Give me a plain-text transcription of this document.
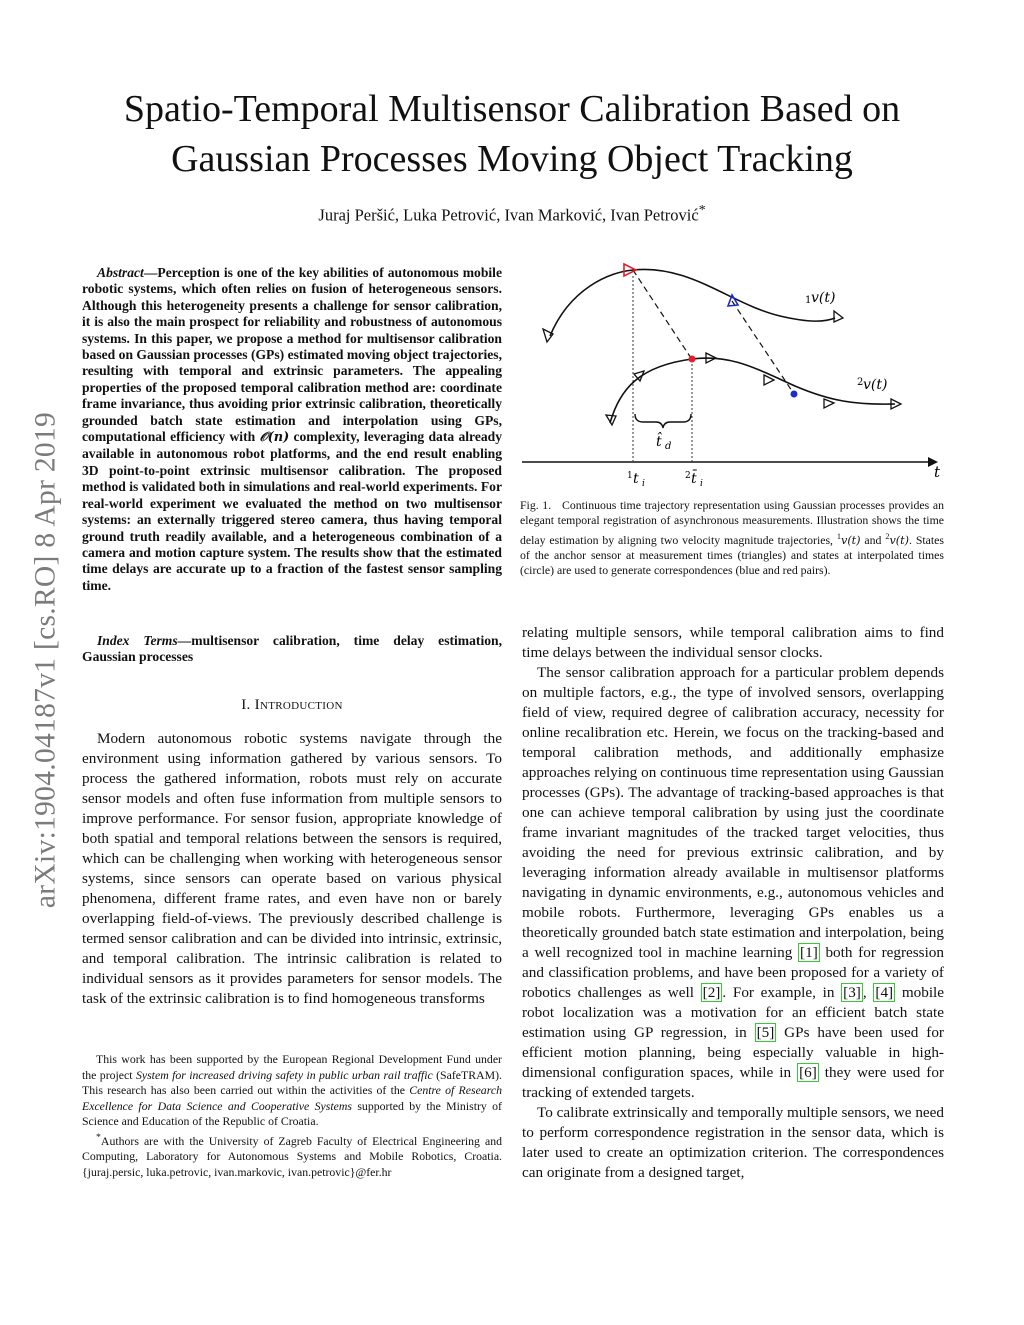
Spatio-Temporal Multisensor Calibration Based on
Gaussian Processes Moving Object Tracking
Juraj Peršić, Luka Petrović, Ivan Marković, Ivan Petrović*
arXiv:1904.04187v1 [cs.RO] 8 Apr 2019

Abstract—Perception is one of the key abilities of autonomous mobile robotic systems, which often relies on fusion of heterogeneous sensors. Although this heterogeneity presents a challenge for sensor calibration, it is also the main prospect for reliability and robustness of autonomous systems. In this paper, we propose a method for multisensor calibration based on Gaussian processes (GPs) estimated moving object trajectories, resulting with temporal and extrinsic parameters. The appealing properties of the proposed temporal calibration method are: coordinate frame invariance, thus avoiding prior extrinsic calibration, theoretically grounded batch state estimation and interpolation using GPs, computational efficiency with 𝒪(n) complexity, leveraging data already available in autonomous robot platforms, and the end result enabling 3D point-to-point extrinsic multisensor calibration. The proposed method is validated both in simulations and real-world experiments. For real-world experiment we evaluated the method on two multisensor systems: an externally triggered stereo camera, thus having temporal ground truth readily available, and a heterogeneous combination of a camera and motion capture system. The results show that the estimated time delays are accurate up to a fraction of the fastest sensor sampling time.

Index Terms—multisensor calibration, time delay estimation, Gaussian processes

I. Introduction

Modern autonomous robotic systems navigate through the environment using information gathered by various sensors. To process the gathered information, robots must rely on accurate sensor models and often fuse information from multiple sensors to improve performance. For sensor fusion, appropriate knowledge of both spatial and temporal relations between the sensors is required, which can be challenging when working with heterogeneous sensor systems, since sensors can operate based on various physical phenomena, different frame rates, and even have non or barely overlapping field-of-views. The previously described challenge is termed sensor calibration and can be divided into intrinsic, extrinsic, and temporal calibration. The intrinsic calibration is related to individual sensors as it provides parameters for sensor models. The task of the extrinsic calibration is to find homogeneous transforms

This work has been supported by the European Regional Development Fund under the project System for increased driving safety in public urban rail traffic (SafeTRAM). This research has also been carried out within the activities of the Centre of Research Excellence for Data Science and Cooperative Systems supported by the Ministry of Science and Education of the Republic of Croatia.

*Authors are with the University of Zagreb Faculty of Electrical Engineering and Computing, Laboratory for Autonomous Systems and Mobile Robotics, Croatia. {juraj.persic, luka.petrovic, ivan.markovic, ivan.petrovic}@fer.hr

1 v(t)
2 v(t)
t
t̂ d
1 t i
2 t̄ i
Fig. 1. Continuous time trajectory representation using Gaussian processes provides an elegant temporal registration of asynchronous measurements. Illustration shows the time delay estimation by aligning two velocity magnitude trajectories, $^1$v(t) and $^2$v(t). States of the anchor sensor at measurement times (triangles) and states at interpolated times (circle) are used to generate correspondences (blue and red pairs).

relating multiple sensors, while temporal calibration aims to find time delays between the individual sensor clocks.

The sensor calibration approach for a particular problem depends on multiple factors, e.g., the type of involved sensors, overlapping field of view, required degree of calibration accuracy, necessity for online recalibration etc. Herein, we focus on the tracking-based and temporal calibration methods, and additionally emphasize approaches relying on continuous time representation using Gaussian processes (GPs). The advantage of tracking-based approaches is that one can achieve temporal calibration by using just the coordinate frame invariant magnitudes of the tracked target velocities, thus avoiding the need for previous extrinsic calibration, and by leveraging information already available in multisensor platforms navigating in dynamic environments, e.g., autonomous vehicles and mobile robots. Furthermore, leveraging GPs enables us a theoretically grounded batch state estimation and interpolation, being a well recognized tool in machine learning [1] both for regression and classification problems, and have been proposed for a variety of robotics challenges as well [2] . For example, in [3] , [4] mobile robot localization was a motivation for an efficient batch state estimation using GP regression, in [5] GPs have been used for efficient motion planning, being especially valuable in high-dimensional configuration spaces, while in [6] they were used for tracking of extended targets.

To calibrate extrinsically and temporally multiple sensors, we need to perform correspondence registration in the sensor data, which is later used to create an optimization criterion. The correspondences can originate from a designed target,
